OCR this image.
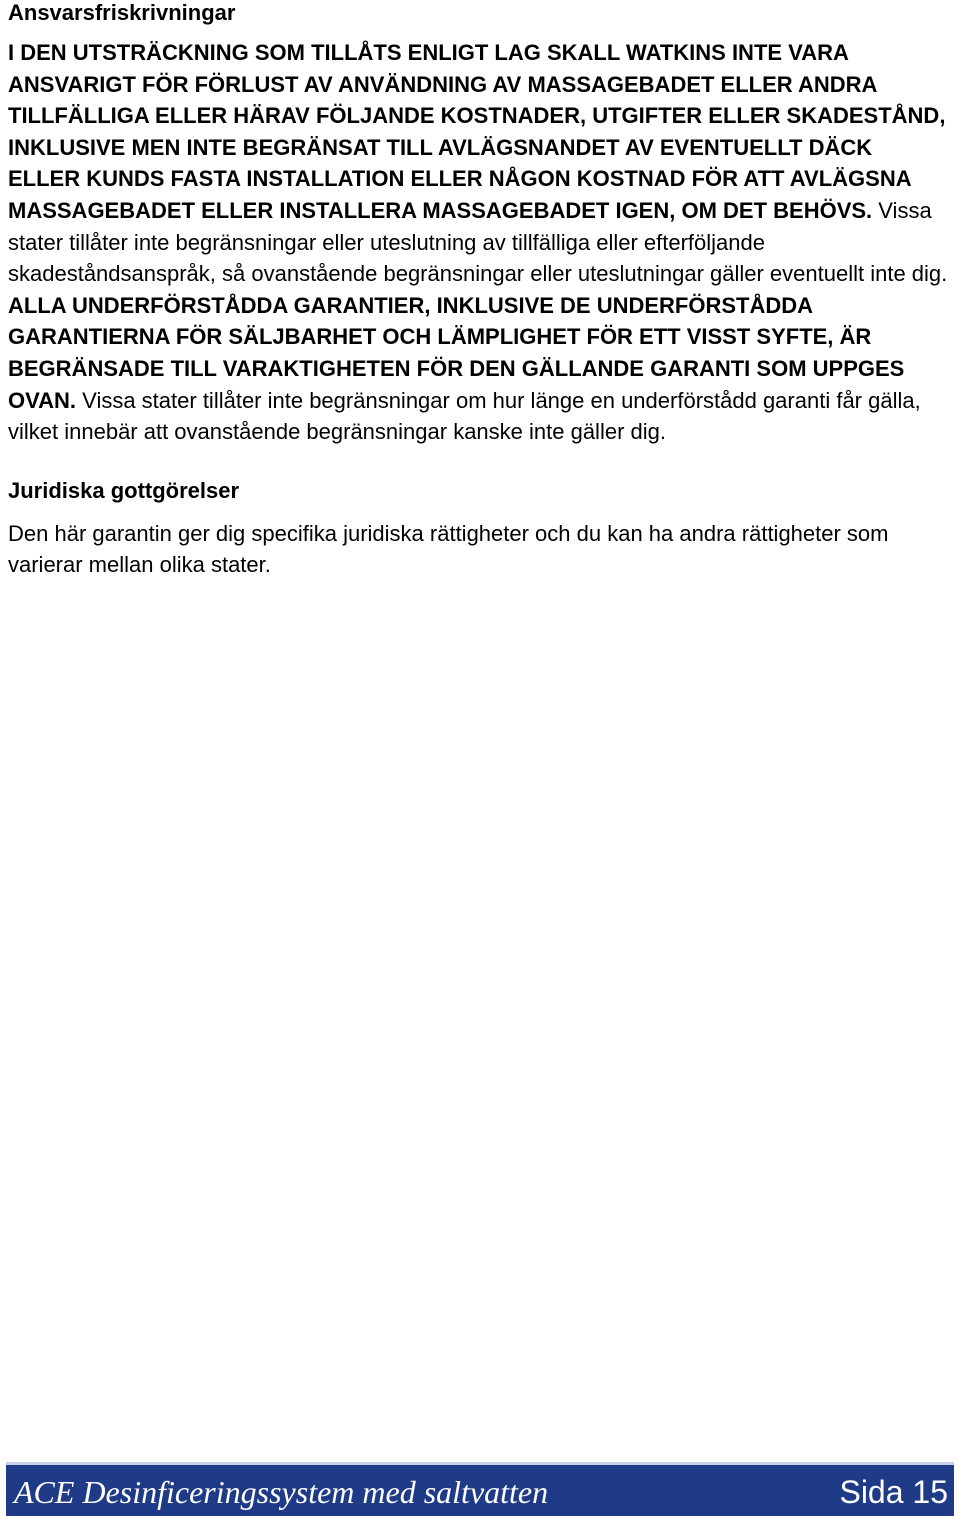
Ansvarsfriskrivningar

I DEN UTSTRÄCKNING SOM TILLÅTS ENLIGT LAG SKALL WATKINS INTE VARA ANSVARIGT FÖR FÖRLUST AV ANVÄNDNING AV MASSAGEBADET ELLER ANDRA TILLFÄLLIGA ELLER HÄRAV FÖLJANDE KOSTNADER, UTGIFTER ELLER SKADESTÅND, INKLUSIVE MEN INTE BEGRÄNSAT TILL AVLÄGSNANDET AV EVENTUELLT DÄCK ELLER KUNDS FASTA INSTALLATION ELLER NÅGON KOSTNAD FÖR ATT AVLÄGSNA MASSAGEBADET ELLER INSTALLERA MASSAGEBADET IGEN, OM DET BEHÖVS. Vissa stater tillåter inte begränsningar eller uteslutning av tillfälliga eller efterföljande skadeståndsanspråk, så ovanstående begränsningar eller uteslutningar gäller eventuellt inte dig. ALLA UNDERFÖRSTÅDDA GARANTIER, INKLUSIVE DE UNDERFÖRSTÅDDA GARANTIERNA FÖR SÄLJBARHET OCH LÄMPLIGHET FÖR ETT VISST SYFTE, ÄR BEGRÄNSADE TILL VARAKTIGHETEN FÖR DEN GÄLLANDE GARANTI SOM UPPGES OVAN. Vissa stater tillåter inte begränsningar om hur länge en underförstådd garanti får gälla, vilket innebär att ovanstående begränsningar kanske inte gäller dig.

Juridiska gottgörelser

Den här garantin ger dig specifika juridiska rättigheter och du kan ha andra rättigheter som varierar mellan olika stater.

ACE Desinficeringssystem med saltvatten	Sida 15
